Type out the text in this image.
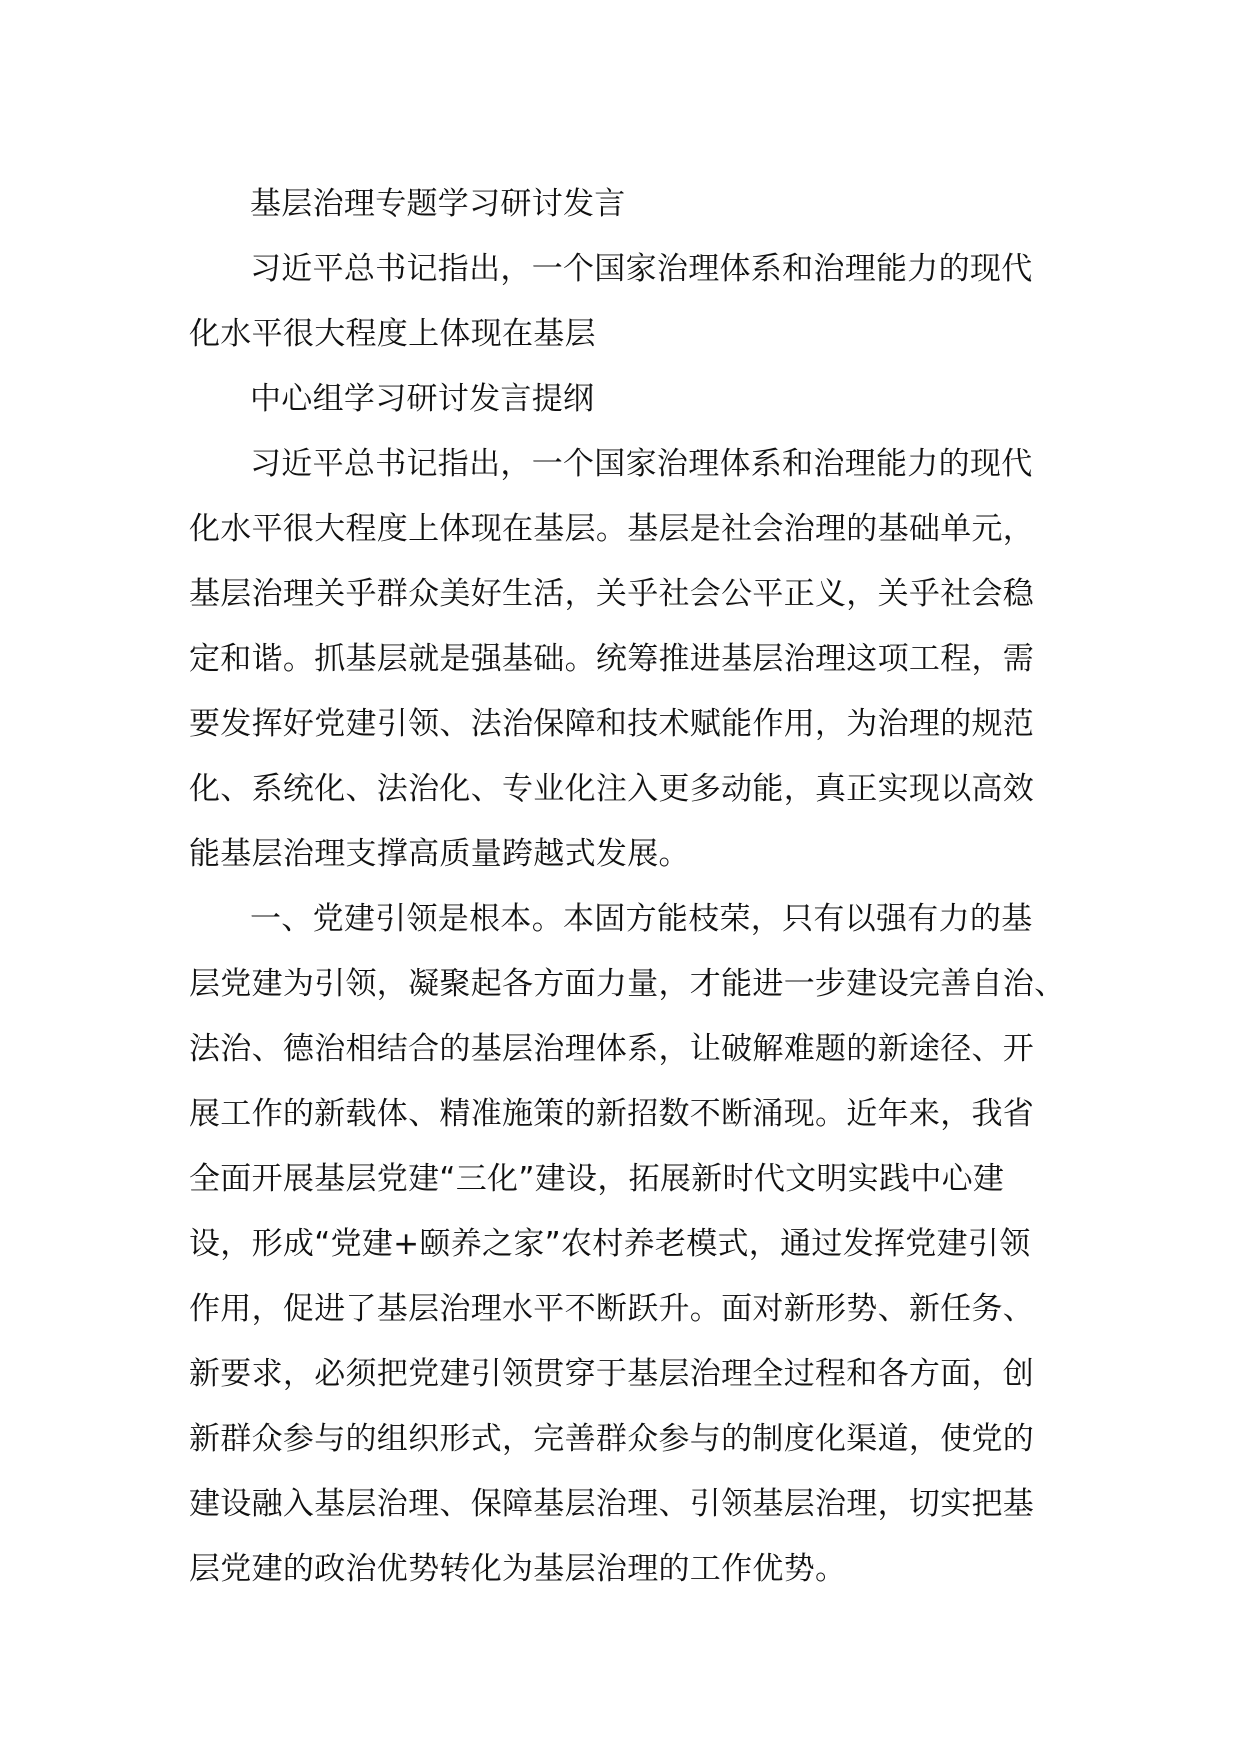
基层治理专题学习研讨发言
习近平总书记指出，一个国家治理体系和治理能力的现代
化水平很大程度上体现在基层
中心组学习研讨发言提纲
习近平总书记指出，一个国家治理体系和治理能力的现代
化水平很大程度上体现在基层。基层是社会治理的基础单元，
基层治理关乎群众美好生活，关乎社会公平正义，关乎社会稳
定和谐。抓基层就是强基础。统筹推进基层治理这项工程，需
要发挥好党建引领、法治保障和技术赋能作用，为治理的规范
化、系统化、法治化、专业化注入更多动能，真正实现以高效
能基层治理支撑高质量跨越式发展。
一、党建引领是根本。本固方能枝荣，只有以强有力的基
层党建为引领，凝聚起各方面力量，才能进一步建设完善自治、
法治、德治相结合的基层治理体系，让破解难题的新途径、开
展工作的新载体、精准施策的新招数不断涌现。近年来，我省
全面开展基层党建“三化”建设，拓展新时代文明实践中心建
设，形成“党建+颐养之家”农村养老模式，通过发挥党建引领
作用，促进了基层治理水平不断跃升。面对新形势、新任务、
新要求，必须把党建引领贯穿于基层治理全过程和各方面，创
新群众参与的组织形式，完善群众参与的制度化渠道，使党的
建设融入基层治理、保障基层治理、引领基层治理，切实把基
层党建的政治优势转化为基层治理的工作优势。
